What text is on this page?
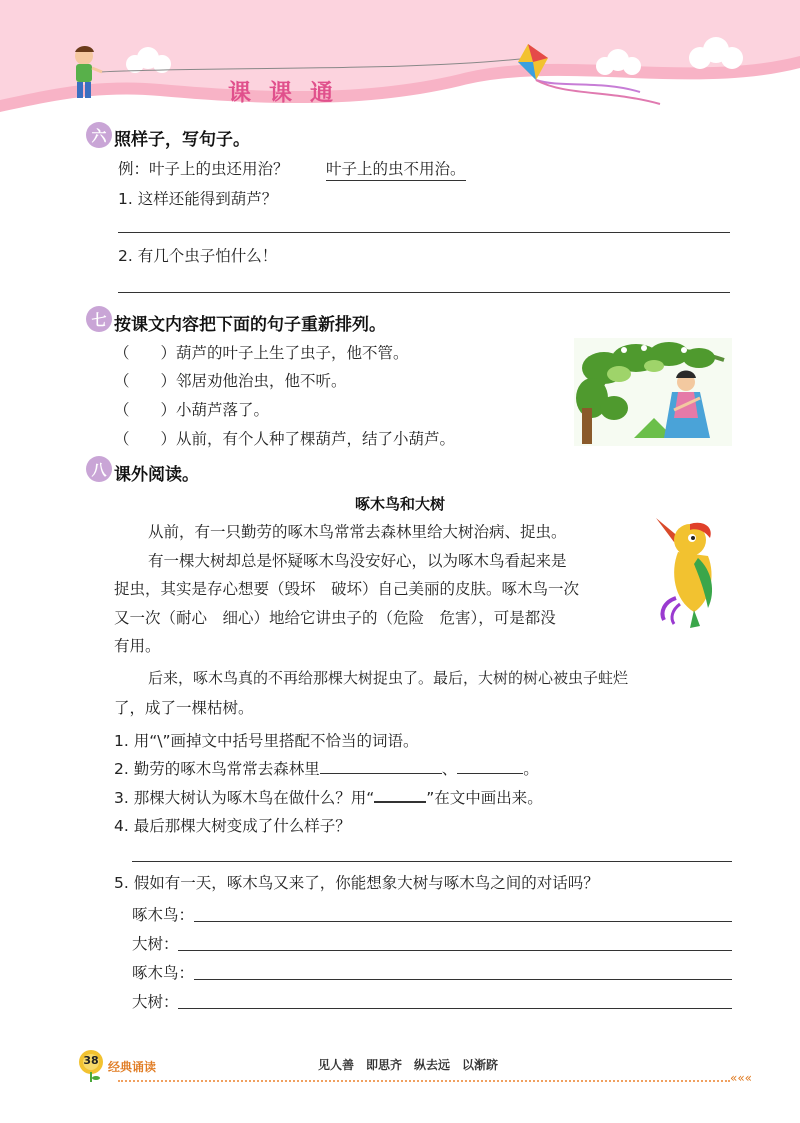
课课通
六 照样子，写句子。
例：叶子上的虫还用治？ 叶子上的虫不用治。
1. 这样还能得到葫芦？
2. 有几个虫子怕什么！
七 按课文内容把下面的句子重新排列。
（　　）葫芦的叶子上生了虫子，他不管。
（　　）邻居劝他治虫，他不听。
（　　）小葫芦落了。
（　　）从前，有个人种了棵葫芦，结了小葫芦。
八 课外阅读。
啄木鸟和大树
从前，有一只勤劳的啄木鸟常常去森林里给大树治病、捉虫。
有一棵大树却总是怀疑啄木鸟没安好心，以为啄木鸟看起来是
捉虫，其实是存心想要（毁坏　破坏）自己美丽的皮肤。啄木鸟一次
又一次（耐心　细心）地给它讲虫子的（危险　危害），可是都没
有用。
后来，啄木鸟真的不再给那棵大树捉虫了。最后，大树的树心被虫子蛀烂
了，成了一棵枯树。
1. 用“\”画掉文中括号里搭配不恰当的词语。
2. 勤劳的啄木鸟常常去森林里	、	。
3. 那棵大树认为啄木鸟在做什么？用“	”在文中画出来。
4. 最后那棵大树变成了什么样子？
5. 假如有一天，啄木鸟又来了，你能想象大树与啄木鸟之间的对话吗？
啄木鸟：
大树：
啄木鸟：
大树：
38 经典诵读	见人善　即思齐　纵去远　以渐跻
«««
